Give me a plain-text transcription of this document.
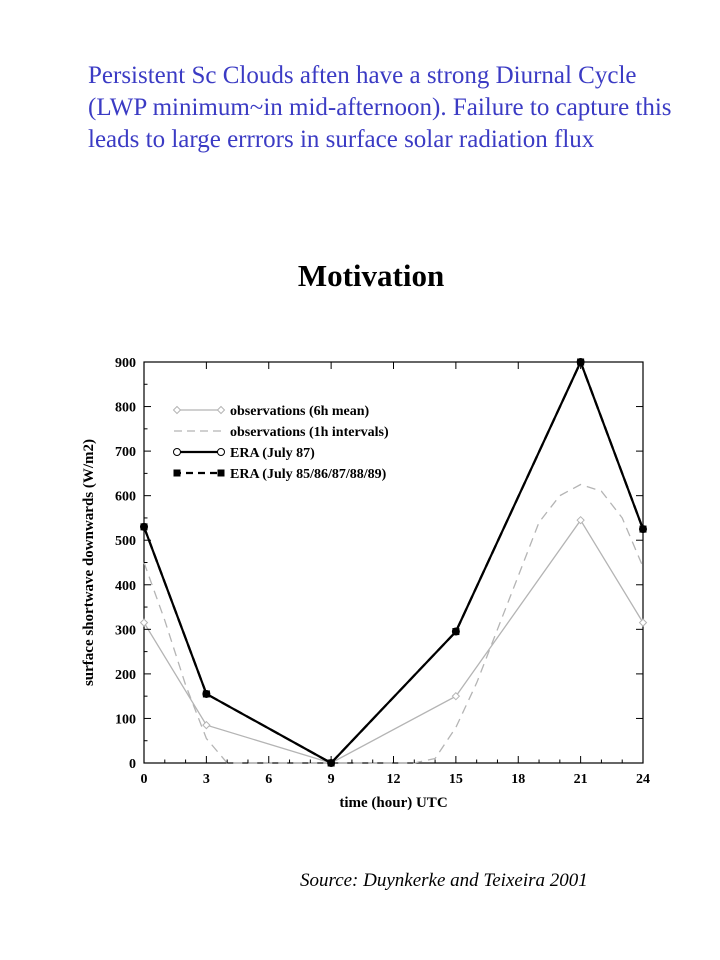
Persistent Sc Clouds aften have a strong Diurnal Cycle (LWP minimum~in mid-afternoon). Failure to capture this leads to large errrors in surface solar radiation flux

Motivation
0	3	6	9	12	15	18	21	24
0
100
200
300
400
500
600
700
800
900
time (hour) UTC
surface shortwave downwards (W/m2)
observations (6h mean)
observations (1h intervals)
ERA (July 87)
ERA (July 85/86/87/88/89)
Source: Duynkerke and Teixeira 2001
